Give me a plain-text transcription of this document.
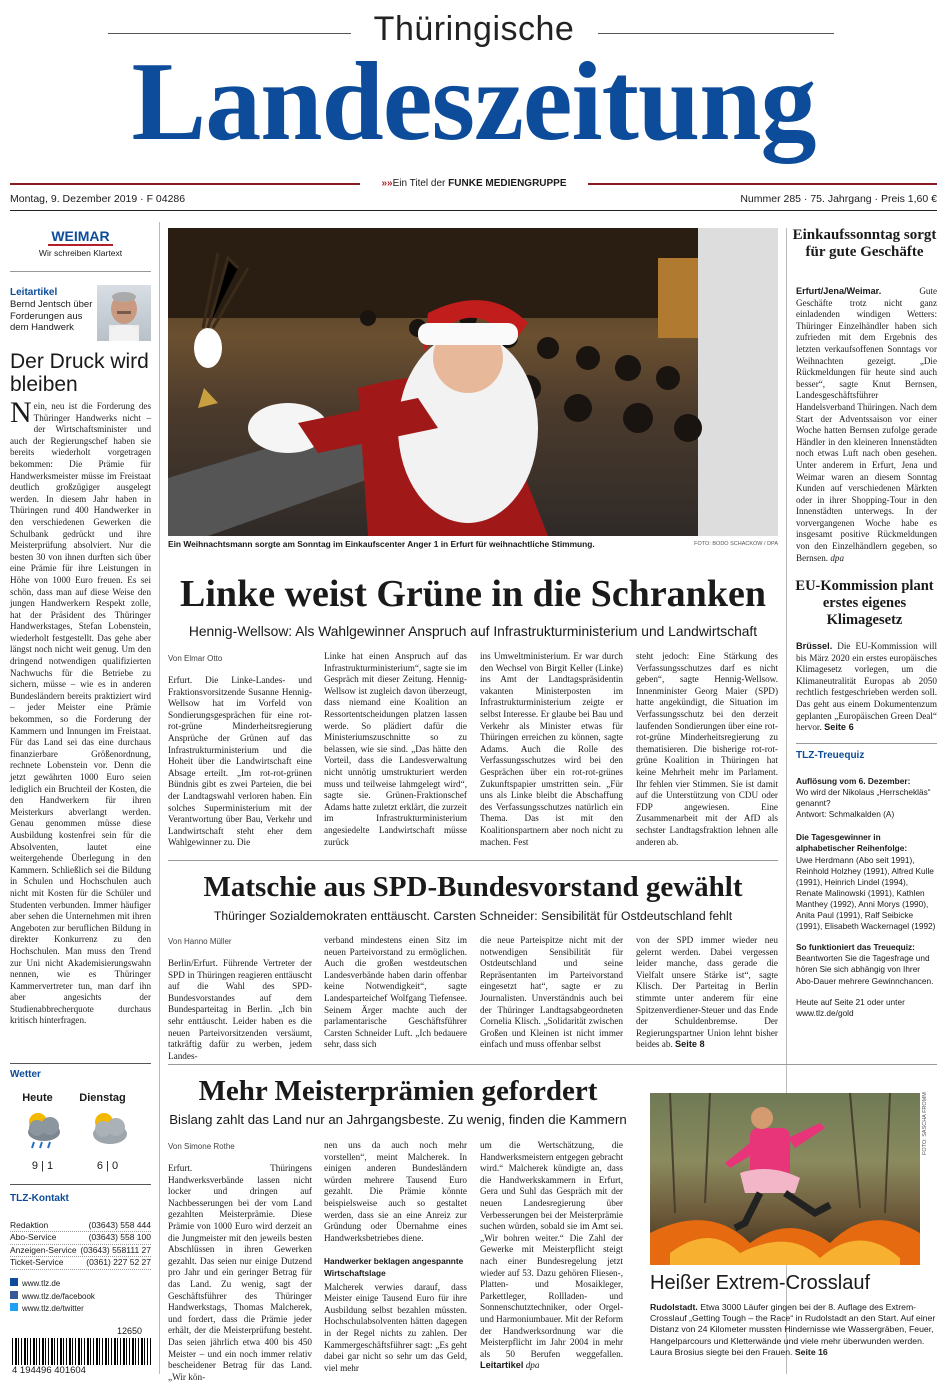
Thüringische
Landeszeitung
»»Ein Titel der FUNKE MEDIENGRUPPE
Montag, 9. Dezember 2019 · F 04286	Nummer 285 · 75. Jahrgang · Preis 1,60 €
WEIMAR
Wir schreiben Klartext
Leitartikel
Bernd Jentsch über Forderungen aus dem Handwerk
Der Druck wird bleiben
Nein, neu ist die Forderung des Thüringer Handwerks nicht – der Wirtschaftsminister und auch der Regierungschef haben sie bereits wiederholt vorgetragen bekommen: Die Prämie für Handwerksmeister müsse im Freistaat deutlich großzügiger ausgelegt werden. In diesem Jahr haben in Thüringen rund 400 Handwerker in den verschiedenen Gewerken die Schulbank gedrückt und ihre Meisterprüfung absolviert. Nur die besten 30 von ihnen durften sich über eine Prämie für ihre Leistungen in Höhe von 1000 Euro freuen. Es sei schön, dass man auf diese Weise den jungen Handwerkern Respekt zolle, hat der Präsident des Thüringer Handwerkstages, Stefan Lobenstein, wiederholt festgestellt. Das gehe aber längst noch nicht weit genug. Um den dringend notwendigen qualifizierten Nachwuchs für die Betriebe zu sichern, müsse – wie es in anderen Bundesländern bereits praktiziert wird – jeder Meister eine Prämie bekommen, so die Forderung der Kammern und Innungen im Freistaat. Für das Land sei das eine durchaus finanzierbare Größenordnung, rechnete Lobenstein vor. Denn die jetzt gewährten 1000 Euro seien lediglich ein Bruchteil der Kosten, die den Handwerkern für ihren Meisterkurs abverlangt werden. Genau genommen müsse diese Ausbildung kostenfrei sein für die Absolventen, lautet eine weitergehende Überlegung in den Kammern. Schließlich sei die Bildung in Schulen und Hochschulen auch nicht mit Kosten für die Schüler und Studenten verbunden. Immer häufiger aber sehen die Unternehmen mit ihren Angeboten zur beruflichen Bildung in direkter Konkurrenz zu den Hochschulen. Man muss den Trend zur Uni nicht Akademisierungswahn nennen, wie es Thüringer Kammervertreter tun, man darf ihn aber angesichts der Studienabbrecherquote durchaus kritisch hinterfragen.
Wetter
Heute	Dienstag
9 | 1	6 | 0
TLZ-Kontakt
Redaktion	(03643) 558 444
Abo-Service	(03643) 558 100
Anzeigen-Service (03643) 558111 27
Ticket-Service	(0361) 227 52 27
www.tlz.de
www.tlz.de/facebook
www.tlz.de/twitter
12650
4 194496 401604
Ein Weihnachtsmann sorgte am Sonntag im Einkaufscenter Anger 1 in Erfurt für weihnachtliche Stimmung.	FOTO: BODO SCHACKOW / DPA
Einkaufssonntag sorgt für gute Geschäfte
Erfurt/Jena/Weimar.	Gute Geschäfte trotz nicht ganz einladenden windigen Wetters: Thüringer Einzelhändler haben sich zufrieden mit dem Ergebnis des letzten verkaufsoffenen Sonntags vor Weihnachten gezeigt. „Die Rückmeldungen für heute sind auch besser“, sagte Knut Bernsen, Landesgeschäftsführer Handelsverband Thüringen. Nach dem Start der Adventssaison vor einer Woche hatten Bernsen zufolge gerade Händler in den kleineren Innenstädten noch etwas Luft nach oben gesehen. Unter anderem in Erfurt, Jena und Weimar waren an diesem Sonntag Kunden auf verschiedenen Märkten oder in ihrer Shopping-Tour in den Innenstädten unterwegs. In der vorvergangenen Woche habe es insgesamt positive Rückmeldungen von den Einzelhändlern gegeben, so Bernsen. dpa
Linke weist Grüne in die Schranken
Hennig-Wellsow: Als Wahlgewinner Anspruch auf Infrastrukturministerium und Landwirtschaft
Von Elmar Otto
Erfurt. Die Linke-Landes- und Fraktionsvorsitzende Susanne Hennig-Wellsow hat im Vorfeld von Sondierungsgesprächen für eine rot-rot-grüne Minderheitsregierung Ansprüche der Grünen auf das Infrastrukturministerium und die Hoheit über die Landwirtschaft eine Absage erteilt. „Im rot-rot-grünen Bündnis gibt es zwei Parteien, die bei der Landtagswahl verloren haben. Ein solches Superministerium mit der Verantwortung über Bau, Verkehr und Landwirtschaft steht eher dem Wahlgewinner zu. Die
Linke hat einen Anspruch auf das Infrastrukturministerium“, sagte sie im Gespräch mit dieser Zeitung. Hennig-Wellsow ist zugleich davon überzeugt, dass niemand eine Koalition an Ressortentscheidungen platzen lassen werde. So plädiert dafür die Ministeriumszuschnitte so zu belassen, wie sie sind. „Das hätte den Vorteil, dass die Landesverwaltung nicht unnötig umstrukturiert werden muss und teilweise lahmgelegt wird“, sagte sie. Grünen-Fraktionschef Adams hatte zuletzt erklärt, die zurzeit im Infrastrukturministerium angesiedelte Landwirtschaft müsse zurück
ins Umweltministerium. Er war durch den Wechsel von Birgit Keller (Linke) ins Amt der Landtagspräsidentin vakanten Ministerposten im Infrastrukturministerium zeigte er selbst Interesse. Er glaube bei Bau und Verkehr als Minister etwas für Thüringen erreichen zu können, sagte Adams. Auch die Rolle des Verfassungsschutzes wird bei den Gesprächen über ein rot-rot-grünes Zukunftspapier umstritten sein. „Für uns als Linke bleibt die Abschaffung des Verfassungsschutzes natürlich ein Thema. Das ist mit den Koalitionspartnern aber noch nicht zu machen. Fest
steht jedoch: Eine Stärkung des Verfassungsschutzes darf es nicht geben“, sagte Hennig-Wellsow. Innenminister Georg Maier (SPD) hatte angekündigt, die Situation im Verfassungsschutz bei den derzeit laufenden Sondierungen über eine rot-rot-grüne Minderheitsregierung zu thematisieren. Die bisherige rot-rot-grüne Koalition in Thüringen hat keine Mehrheit mehr im Parlament. Ihr fehlen vier Stimmen. Sie ist damit auf die Unterstützung von CDU oder FDP angewiesen. Eine Zusammenarbeit mit der AfD als sechster Landtagsfraktion lehnen alle anderen ab.
EU-Kommission plant erstes eigenes Klimagesetz
Brüssel. Die EU-Kommission will bis März 2020 ein erstes europäisches Klimagesetz vorlegen, um die Klimaneutralität Europas ab 2050 rechtlich festgeschrieben werden soll. Das geht aus einem Dokumentenzum geplanten „Europäischen Green Deal“ hervor. Seite 6
TLZ-Treuequiz
Auflösung vom 6. Dezember:
Wo wird der Nikolaus „Herrschekläs“ genannt?
Antwort: Schmalkalden (A)
Die Tagesgewinner in alphabetischer Reihenfolge:
Uwe Herdmann (Abo seit 1991), Reinhold Holzhey (1991), Alfred Kulle (1991), Heinrich Lindel (1994), Renate Malinowski (1991), Kathlen Manthey (1992), Anni Morys (1990), Anita Paul (1991), Ralf Seibicke (1991), Elisabeth Wackernagel (1992)
So funktioniert das Treuequiz:
Beantworten Sie die Tagesfrage und hören Sie sich abhängig von Ihrer Abo-Dauer mehrere Gewinnchancen.
Heute auf Seite 21 oder unter www.tlz.de/gold
Matschie aus SPD-Bundesvorstand gewählt
Thüringer Sozialdemokraten enttäuscht. Carsten Schneider: Sensibilität für Ostdeutschland fehlt
Von Hanno Müller
Berlin/Erfurt. Führende Vertreter der SPD in Thüringen reagieren enttäuscht auf die Wahl des SPD-Bundesvorstandes auf dem Bundesparteitag in Berlin. „Ich bin sehr enttäuscht. Leider haben es die neuen Parteivorsitzenden versäumt, tatkräftig dafür zu werben, jedem Landes-
verband mindestens einen Sitz im neuen Parteivorstand zu ermöglichen. Auch die großen westdeutschen Landesverbände haben darin offenbar keine Notwendigkeit“, sagte Landesparteichef Wolfgang Tiefensee. Seinem Ärger machte auch der parlamentarische Geschäftsführer Carsten Schneider Luft. „Ich bedauere sehr, dass sich
die neue Parteispitze nicht mit der notwendigen Sensibilität für Ostdeutschland und seine Repräsentanten im Parteivorstand eingesetzt hat“, sagte er zu Journalisten. Unverständnis auch bei der Thüringer Landtagsabgeordneten Cornelia Klisch. „Solidarität zwischen Großen und Kleinen ist nicht immer einfach und muss offenbar selbst
von der SPD immer wieder neu gelernt werden. Dabei vergessen leider manche, dass gerade die Vielfalt unsere Stärke ist“, sagte Klisch. Der Parteitag in Berlin stimmte unter anderem für eine Spitzenverdiener-Steuer und das Ende der Schuldenbremse. Der Regierungspartner Union lehnt bisher beides ab. Seite 8
Mehr Meisterprämien gefordert
Bislang zahlt das Land nur an Jahrgangsbeste. Zu wenig, finden die Kammern
Von Simone Rothe
Erfurt. Thüringens Handwerksverbände lassen nicht locker und dringen auf Nachbesserungen bei der vom Land gezahlten Meisterprämie. Diese Prämie von 1000 Euro wird derzeit an die Jungmeister mit den jeweils besten Abschlüssen in ihren Gewerken gezahlt. Das seien nur einige Dutzend pro Jahr und ein geringer Betrag für das Land. Zu wenig, sagt der Geschäftsführer des Thüringer Handwerkstags, Thomas Malcherek, und fordert, dass die Prämie jeder erhält, der die Meisterprüfung besteht. Das seien jährlich etwa 400 bis 450 Meister – und ein noch immer relativ bescheidener Betrag für das Land. „Wir kön-
nen uns da auch noch mehr vorstellen“, meint Malcherek. In einigen anderen Bundesländern würden mehrere Tausend Euro gezahlt. Die Prämie könnte beispielsweise auch so gestaltet werden, dass sie an eine Anreiz zur Gründung oder Übernahme eines Handwerksbetriebes diene.
Handwerker beklagen angespannte Wirtschaftslage
Malcherek verwies darauf, dass Meister einige Tausend Euro für ihre Ausbildung selbst bezahlen müssten. Hochschulabsolventen hätten dagegen in der Regel nichts zu zahlen. Der Kammergeschäftsführer sagt: „Es geht dabei gar nicht so sehr um das Geld, viel mehr
um die Wertschätzung, die Handwerksmeistern entgegen gebracht wird.“ Malcherek kündigte an, dass die Handwerkskammern in Erfurt, Gera und Suhl das Gespräch mit der neuen Landesregierung über Verbesserungen bei der Meisterprämie suchen würden, sobald sie im Amt sei. „Wir bohren weiter.“ Die Zahl der Gewerke mit Meisterpflicht steigt nach einer Bundesregelung jetzt wieder auf 53. Dazu gehören Fliesen-, Platten- und Mosaikleger, Parkettleger, Rollladen- und Sonnenschutztechniker, oder Orgel- und Harmoniumbauer. Mit der Reform der Handwerksordnung war die Meisterpflicht im Jahr 2004 in mehr als 50 Berufen weggefallen. Leitartikel dpa
FOTO: SASCHA FROMM
Heißer Extrem-Crosslauf
Rudolstadt. Etwa 3000 Läufer gingen bei der 8. Auflage des Extrem-Crosslauf „Getting Tough – the Race“ in Rudolstadt an den Start. Auf einer Distanz von 24 Kilometer mussten Hindernisse wie Wassergräben, Feuer, Hangelparcours und Kletterwände und viele mehr überwunden werden. Laura Brosius siegte bei den Frauen. Seite 16
